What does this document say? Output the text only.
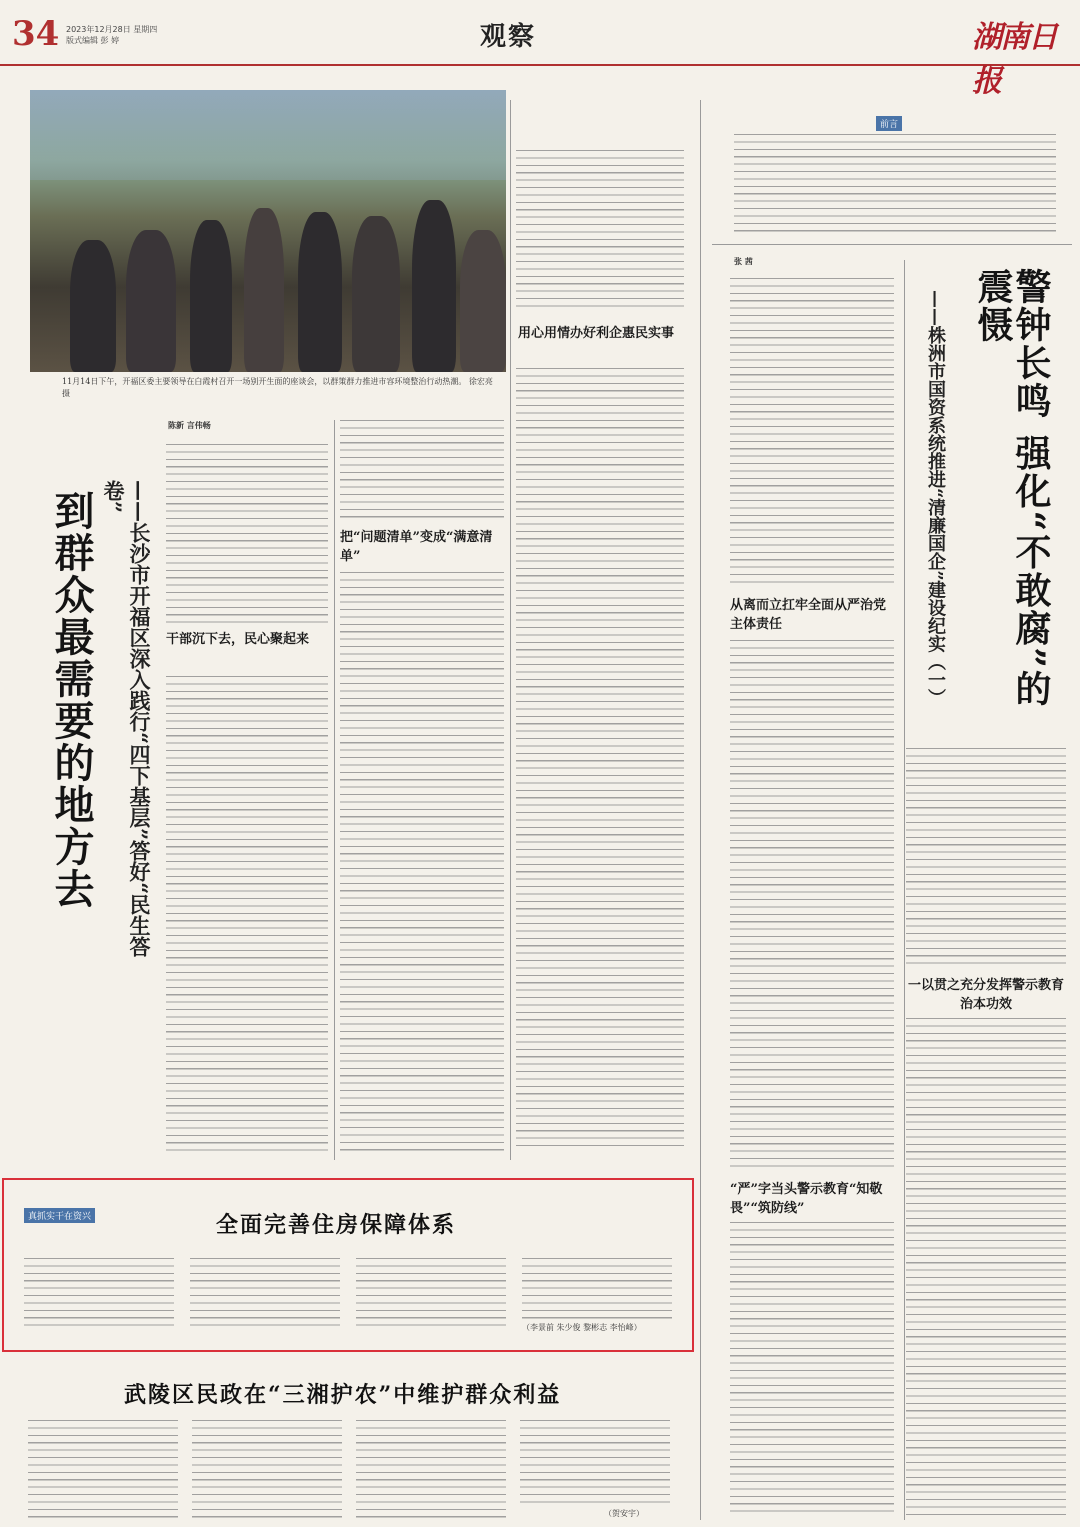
34 2023年12月28日 星期四
版式编辑 彭 婷	观察	湖南日报
11月14日下午，开福区委主要领导在白霞村召开一场别开生面的座谈会，以群策群力推进市容环境整治行动热潮。 徐宏亮 摄
用心用情办好利企惠民实事
到群众最需要的地方去	——长沙市开福区深入践行“四下基层”答好“民生答卷”
陈新 言伟畅
干部沉下去，民心聚起来
把“问题清单”变成“满意清单”
前言
张 茜
从离而立扛牢全面从严治党主体责任
“严”字当头警示教育“知敬畏”“筑防线”
警钟长鸣 强化“不敢腐”的震慑
——株洲市国资系统推进“清廉国企”建设纪实（一）
一以贯之充分发挥警示教育治本功效
真抓实干在资兴	全面完善住房保障体系
（李景前 朱少俊 黎彬志 李怡峰）
武陵区民政在“三湘护农”中维护群众利益
（贺安宇）
